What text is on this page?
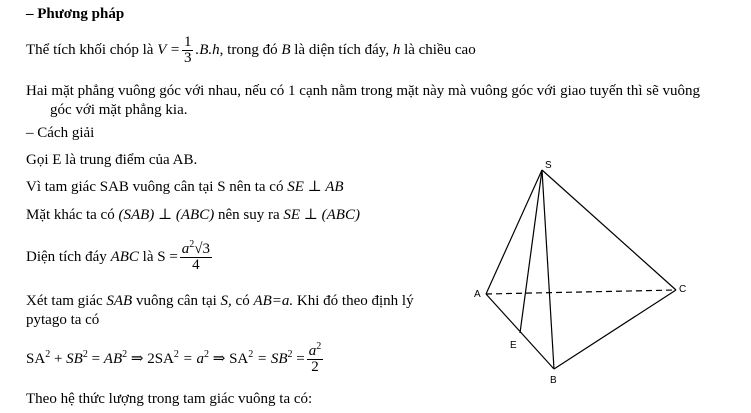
– Phương pháp
Thể tích khối chóp là $V = \frac{1}{3} .B.h$, trong đó B là diện tích đáy, h là chiều cao
Hai mặt phẳng vuông góc với nhau, nếu có 1 cạnh nằm trong mặt này mà vuông góc với giao tuyến thì sẽ vuông
góc với mặt phẳng kia.
– Cách giải
Gọi E là trung điểm của AB.
Vì tam giác SAB vuông cân tại S nên ta có SE ⊥ AB
Mặt khác ta có (SAB) ⊥ (ABC) nên suy ra SE ⊥ (ABC)
Diện tích đáy ABC là $S = \frac{a^2√3}{4}$
Xét tam giác SAB vuông cân tại S, có AB=a. Khi đó theo định lý
pytago ta có
$SA^2 + SB^2 = AB^2$ ⇒ $2SA^2 = a^2$ ⇒ $SA^2 = SB^2 = \frac{a^2}{2}$
Theo hệ thức lượng trong tam giác vuông ta có:
S
A
B
C
E
